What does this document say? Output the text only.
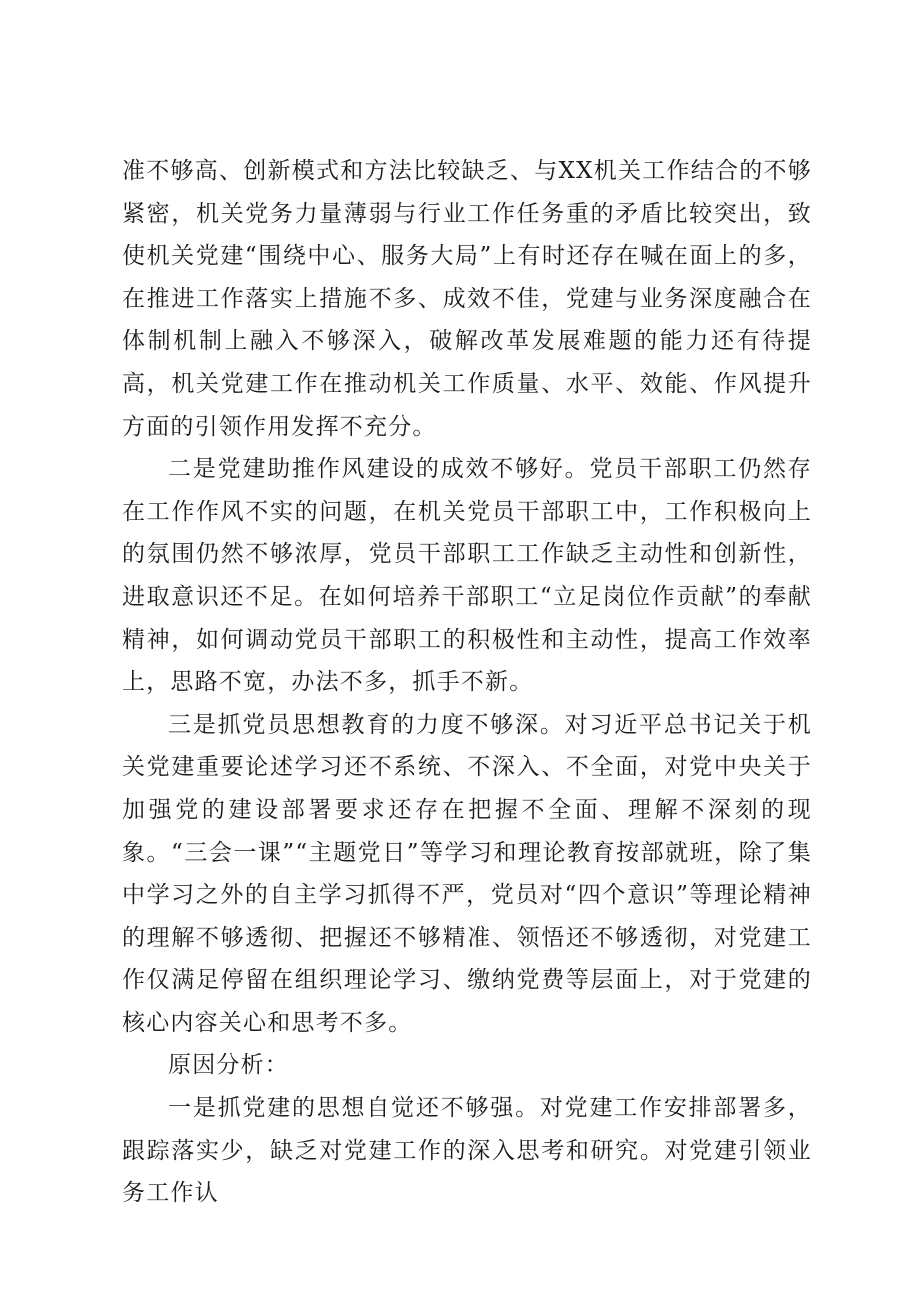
准不够高、创新模式和方法比较缺乏、与XX机关工作结合的不够紧密，机关党务力量薄弱与行业工作任务重的矛盾比较突出，致使机关党建“围绕中心、服务大局”上有时还存在喊在面上的多，在推进工作落实上措施不多、成效不佳，党建与业务深度融合在体制机制上融入不够深入，破解改革发展难题的能力还有待提高，机关党建工作在推动机关工作质量、水平、效能、作风提升方面的引领作用发挥不充分。

二是党建助推作风建设的成效不够好。党员干部职工仍然存在工作作风不实的问题，在机关党员干部职工中，工作积极向上的氛围仍然不够浓厚，党员干部职工工作缺乏主动性和创新性，进取意识还不足。在如何培养干部职工“立足岗位作贡献”的奉献精神，如何调动党员干部职工的积极性和主动性，提高工作效率上，思路不宽，办法不多，抓手不新。

三是抓党员思想教育的力度不够深。对习近平总书记关于机关党建重要论述学习还不系统、不深入、不全面，对党中央关于加强党的建设部署要求还存在把握不全面、理解不深刻的现象。“三会一课”“主题党日”等学习和理论教育按部就班，除了集中学习之外的自主学习抓得不严，党员对“四个意识”等理论精神的理解不够透彻、把握还不够精准、领悟还不够透彻，对党建工作仅满足停留在组织理论学习、缴纳党费等层面上，对于党建的核心内容关心和思考不多。

原因分析：

一是抓党建的思想自觉还不够强。对党建工作安排部署多，跟踪落实少，缺乏对党建工作的深入思考和研究。对党建引领业务工作认
